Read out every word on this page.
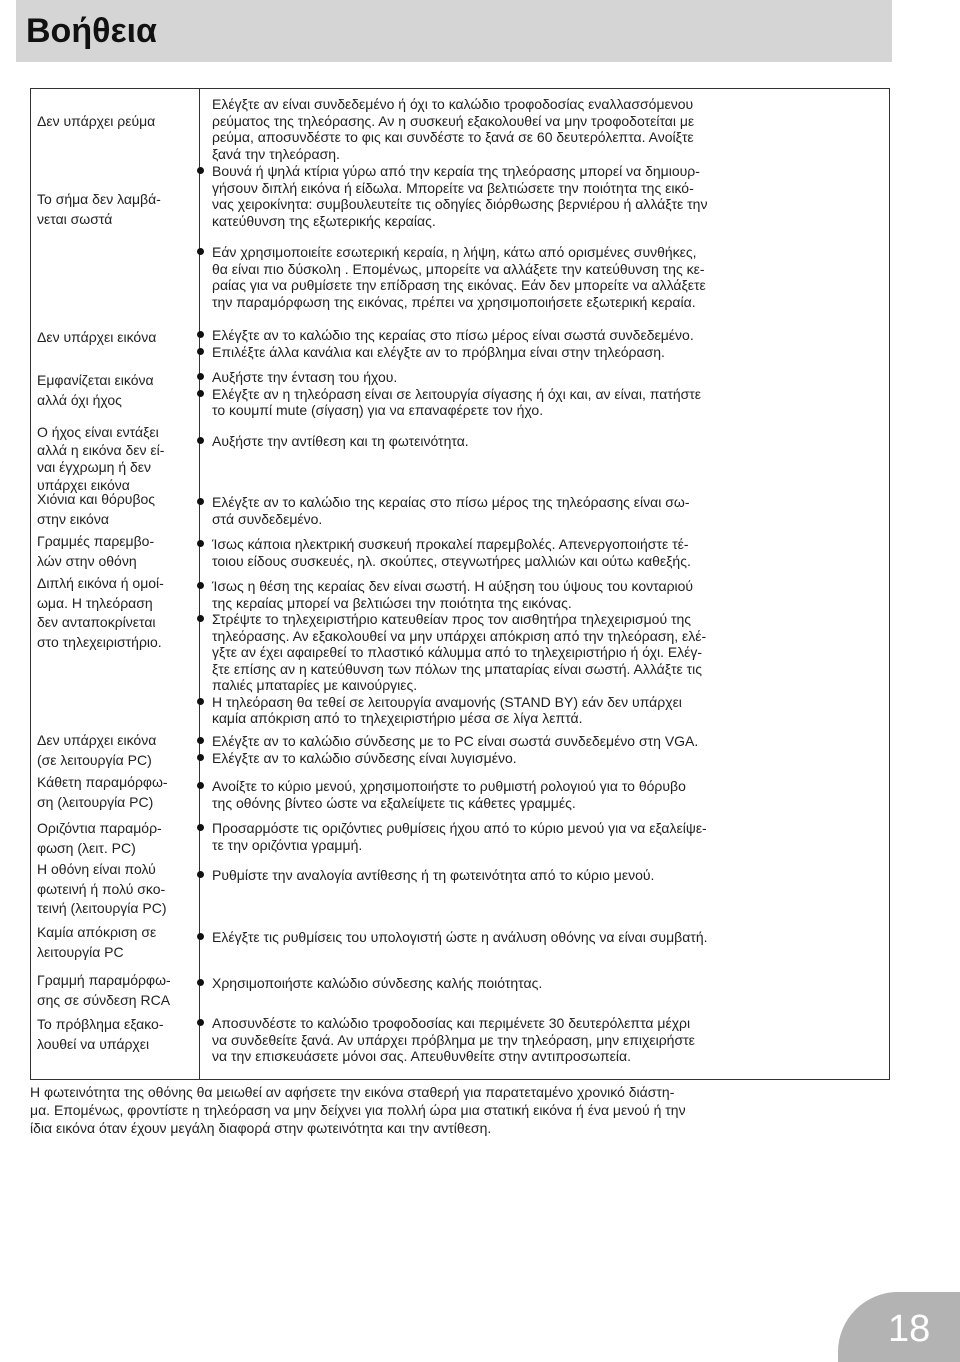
Βοήθεια
Δεν υπάρχει ρεύμα
Ελέγξτε αν είναι συνδεδεμένο ή όχι το καλώδιο τροφοδοσίας εναλλασσόμενου
ρεύματος της τηλεόρασης. Αν η συσκευή εξακολουθεί να μην τροφοδοτείται με
ρεύμα, αποσυνδέστε το φις και συνδέστε το ξανά σε 60 δευτερόλεπτα. Ανοίξτε
ξανά την τηλεόραση.
Το σήμα δεν λαμβά-
νεται σωστά
Βουνά ή ψηλά κτίρια γύρω από την κεραία της τηλεόρασης μπορεί να δημιουρ-
γήσουν διπλή εικόνα ή είδωλα. Μπορείτε να βελτιώσετε την ποιότητα της εικό-
νας χειροκίνητα: συμβουλευτείτε τις οδηγίες διόρθωσης βερνιέρου ή αλλάξτε την
κατεύθυνση της εξωτερικής κεραίας.
Εάν χρησιμοποιείτε εσωτερική κεραία, η λήψη, κάτω από ορισμένες συνθήκες,
θα είναι πιο δύσκολη . Επομένως, μπορείτε να αλλάξετε την κατεύθυνση της κε-
ραίας για να ρυθμίσετε την επίδραση της εικόνας. Εάν δεν μπορείτε να αλλάξετε
την παραμόρφωση της εικόνας, πρέπει να χρησιμοποιήσετε εξωτερική κεραία.
Δεν υπάρχει εικόνα	Ελέγξτε αν το καλώδιο της κεραίας στο πίσω μέρος είναι σωστά συνδεδεμένο.
Επιλέξτε άλλα κανάλια και ελέγξτε αν το πρόβλημα είναι στην τηλεόραση.
Εμφανίζεται εικόνα
αλλά όχι ήχος
Αυξήστε την ένταση του ήχου.
Ελέγξτε αν η τηλεόραση είναι σε λειτουργία σίγασης ή όχι και, αν είναι, πατήστε
το κουμπί mute (σίγαση) για να επαναφέρετε τον ήχο.
Ο ήχος είναι εντάξει
αλλά η εικόνα δεν εί-
ναι έγχρωμη ή δεν
υπάρχει εικόνα
Αυξήστε την αντίθεση και τη φωτεινότητα.
Χιόνια και θόρυβος
στην εικόνα
Ελέγξτε αν το καλώδιο της κεραίας στο πίσω μέρος της τηλεόρασης είναι σω-
στά συνδεδεμένο.
Γραμμές παρεμβο-
λών στην οθόνη
Ίσως κάποια ηλεκτρική συσκευή προκαλεί παρεμβολές. Απενεργοποιήστε τέ-
τοιου είδους συσκευές, ηλ. σκούπες, στεγνωτήρες μαλλιών και ούτω καθεξής.
Διπλή εικόνα ή ομοί-
ωμα. Η τηλεόραση
δεν ανταποκρίνεται
στο τηλεχειριστήριο.
Ίσως η θέση της κεραίας δεν είναι σωστή. Η αύξηση του ύψους του κονταριού
της κεραίας μπορεί να βελτιώσει την ποιότητα της εικόνας.
Στρέψτε το τηλεχειριστήριο κατευθείαν προς τον αισθητήρα τηλεχειρισμού της
τηλεόρασης. Αν εξακολουθεί να μην υπάρχει απόκριση από την τηλεόραση, ελέ-
γξτε αν έχει αφαιρεθεί το πλαστικό κάλυμμα από το τηλεχειριστήριο ή όχι. Ελέγ-
ξτε επίσης αν η κατεύθυνση των πόλων της μπαταρίας είναι σωστή. Αλλάξτε τις
παλιές μπαταρίες με καινούργιες.
Η τηλεόραση θα τεθεί σε λειτουργία αναμονής (STAND BY) εάν δεν υπάρχει
καμία απόκριση από το τηλεχειριστήριο μέσα σε λίγα λεπτά.
Δεν υπάρχει εικόνα
(σε λειτουργία PC)
Ελέγξτε αν το καλώδιο σύνδεσης με το PC είναι σωστά συνδεδεμένο στη VGA.
Ελέγξτε αν το καλώδιο σύνδεσης είναι λυγισμένο.
Κάθετη παραμόρφω-
ση (λειτουργία PC)
Ανοίξτε το κύριο μενού, χρησιμοποιήστε το ρυθμιστή ρολογιού για το θόρυβο
της οθόνης βίντεο ώστε να εξαλείψετε τις κάθετες γραμμές.
Οριζόντια παραμόρ-
φωση (λειτ. PC)
Προσαρμόστε τις οριζόντιες ρυθμίσεις ήχου από το κύριο μενού για να εξαλείψε-
τε την οριζόντια γραμμή.
Η οθόνη είναι πολύ
φωτεινή ή πολύ σκο-
τεινή (λειτουργία PC)
Ρυθμίστε την αναλογία αντίθεσης ή τη φωτεινότητα από το κύριο μενού.
Καμία απόκριση σε
λειτουργία PC
Ελέγξτε τις ρυθμίσεις του υπολογιστή ώστε η ανάλυση οθόνης να είναι συμβατή.
Γραμμή παραμόρφω-
σης σε σύνδεση RCA
Χρησιμοποιήστε καλώδιο σύνδεσης καλής ποιότητας.
Το πρόβλημα εξακο-
λουθεί να υπάρχει
Αποσυνδέστε το καλώδιο τροφοδοσίας και περιμένετε 30 δευτερόλεπτα μέχρι
να συνδεθείτε ξανά. Αν υπάρχει πρόβλημα με την τηλεόραση, μην επιχειρήστε
να την επισκευάσετε μόνοι σας. Απευθυνθείτε στην αντιπροσωπεία.
Η φωτεινότητα της οθόνης θα μειωθεί αν αφήσετε την εικόνα σταθερή για παρατεταμένο χρονικό διάστη-
μα. Επομένως, φροντίστε η τηλεόραση να μην δείχνει για πολλή ώρα μια στατική εικόνα ή ένα μενού ή την
ίδια εικόνα όταν έχουν μεγάλη διαφορά στην φωτεινότητα και την αντίθεση.
18
